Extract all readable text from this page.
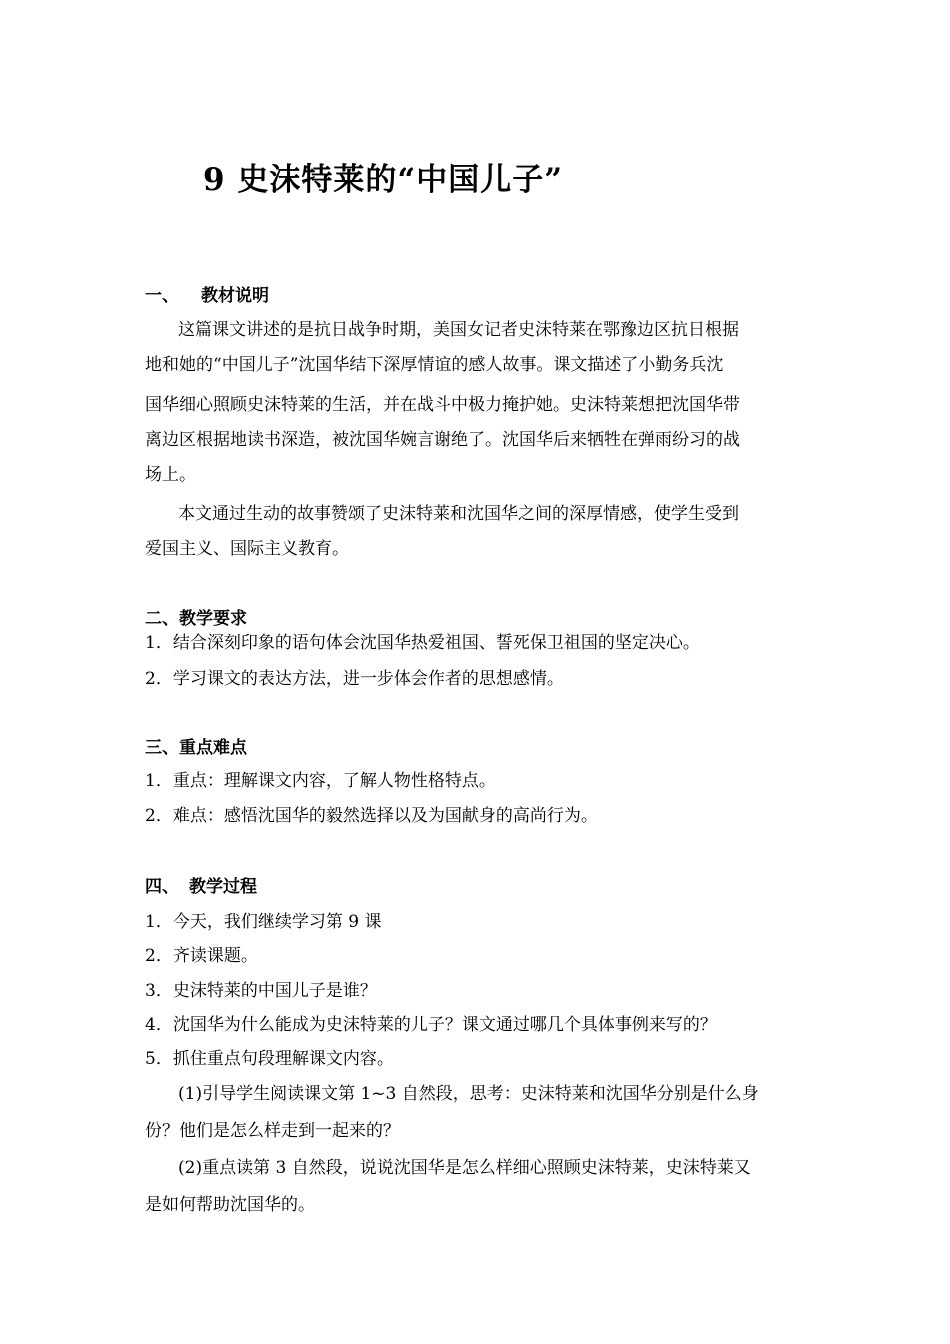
9 史沫特莱的“中国儿子”
一、 教材说明
这篇课文讲述的是抗日战争时期，美国女记者史沫特莱在鄂豫边区抗日根据
地和她的“中国儿子”沈国华结下深厚情谊的感人故事。课文描述了小勤务兵沈
国华细心照顾史沫特莱的生活，并在战斗中极力掩护她。史沫特莱想把沈国华带
离边区根据地读书深造，被沈国华婉言谢绝了。沈国华后来牺牲在弹雨纷习的战
场上。
本文通过生动的故事赞颂了史沫特莱和沈国华之间的深厚情感，使学生受到
爱国主义、国际主义教育。
二、教学要求
1．结合深刻印象的语句体会沈国华热爱祖国、誓死保卫祖国的坚定决心。
2．学习课文的表达方法，进一步体会作者的思想感情。
三、重点难点
1．重点：理解课文内容，了解人物性格特点。
2．难点：感悟沈国华的毅然选择以及为国献身的高尚行为。
四、 教学过程
1．今天，我们继续学习第 9 课
2．齐读课题。
3．史沫特莱的中国儿子是谁？
4．沈国华为什么能成为史沫特莱的儿子？课文通过哪几个具体事例来写的？
5．抓住重点句段理解课文内容。
(1)引导学生阅读课文第 1~3 自然段，思考：史沫特莱和沈国华分别是什么身
份？他们是怎么样走到一起来的？
(2)重点读第 3 自然段，说说沈国华是怎么样细心照顾史沫特莱，史沫特莱又
是如何帮助沈国华的。
